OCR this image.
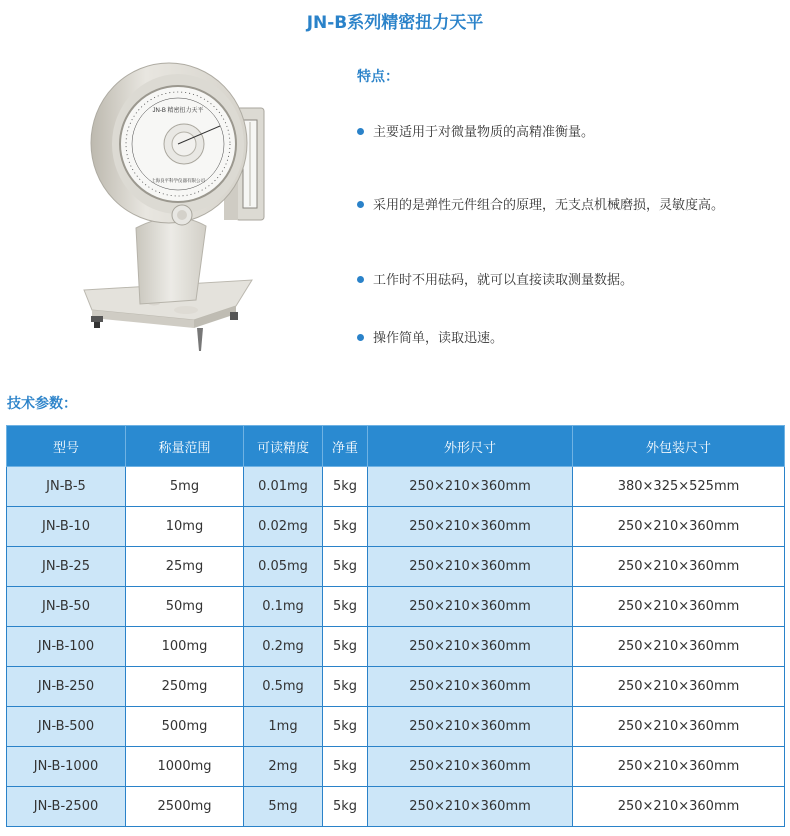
JN-B系列精密扭力天平
JN-B 精密扭力天平
上海良平科学仪器有限公司
特点：
主要适用于对微量物质的高精准衡量。
采用的是弹性元件组合的原理，无支点机械磨损，灵敏度高。
工作时不用砝码，就可以直接读取测量数据。
操作简单，读取迅速。
技术参数：
型号	称量范围	可读精度	净重	外形尺寸	外包装尺寸
JN-B-5	5mg	0.01mg	5kg	250×210×360mm	380×325×525mm
JN-B-10	10mg	0.02mg	5kg	250×210×360mm	250×210×360mm
JN-B-25	25mg	0.05mg	5kg	250×210×360mm	250×210×360mm
JN-B-50	50mg	0.1mg	5kg	250×210×360mm	250×210×360mm
JN-B-100	100mg	0.2mg	5kg	250×210×360mm	250×210×360mm
JN-B-250	250mg	0.5mg	5kg	250×210×360mm	250×210×360mm
JN-B-500	500mg	1mg	5kg	250×210×360mm	250×210×360mm
JN-B-1000	1000mg	2mg	5kg	250×210×360mm	250×210×360mm
JN-B-2500	2500mg	5mg	5kg	250×210×360mm	250×210×360mm
